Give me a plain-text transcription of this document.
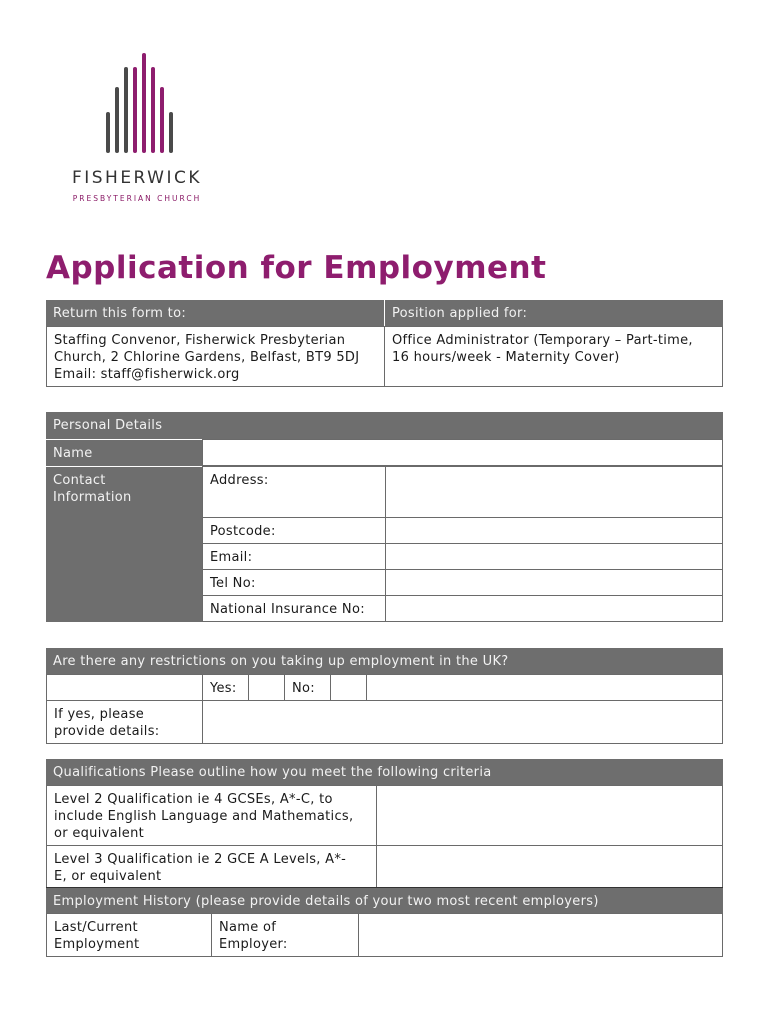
FISHERWICK
PRESBYTERIAN CHURCH
Application for Employment
Return this form to:	Position applied for:
Staffing Convenor, Fisherwick Presbyterian
Church, 2 Chlorine Gardens, Belfast, BT9 5DJ
Email: staff@fisherwick.org
Office Administrator (Temporary – Part-time,
16 hours/week - Maternity Cover)
Personal Details
Name
Contact
Information
Address:
Postcode:
Email:
Tel No:
National Insurance No:
Are there any restrictions on you taking up employment in the UK?
Yes:	No:
If yes, please
provide details:
Qualifications Please outline how you meet the following criteria
Level 2 Qualification ie 4 GCSEs, A*-C, to
include English Language and Mathematics,
or equivalent
Level 3 Qualification ie 2 GCE A Levels, A*-
E, or equivalent
Employment History (please provide details of your two most recent employers)
Last/Current
Employment
Name of
Employer:
